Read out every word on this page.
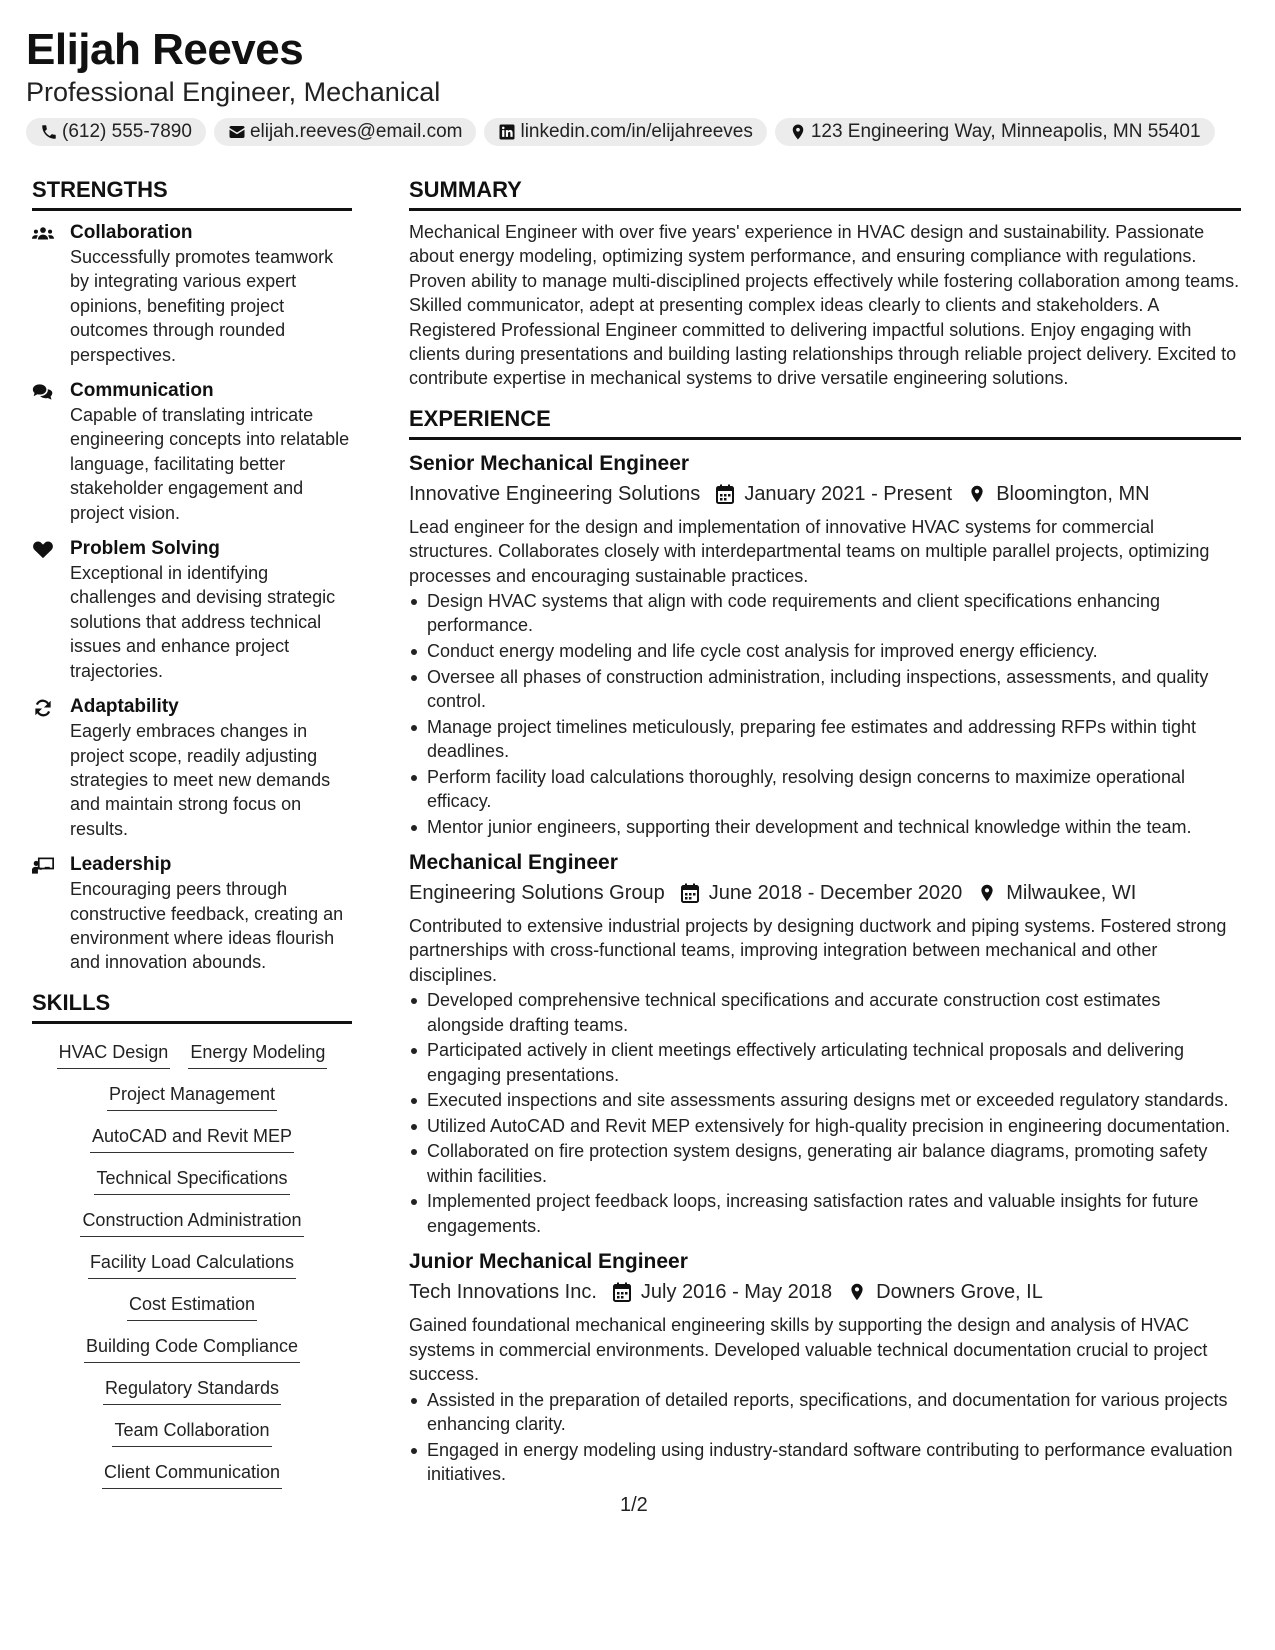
Elijah Reeves
Professional Engineer, Mechanical
(612) 555-7890	elijah.reeves@email.com	linkedin.com/in/elijahreeves	123 Engineering Way, Minneapolis, MN 55401
STRENGTHS
Collaboration
Successfully promotes teamwork by integrating various expert opinions, benefiting project outcomes through rounded perspectives.
Communication
Capable of translating intricate engineering concepts into relatable language, facilitating better stakeholder engagement and project vision.
Problem Solving
Exceptional in identifying challenges and devising strategic solutions that address technical issues and enhance project trajectories.
Adaptability
Eagerly embraces changes in project scope, readily adjusting strategies to meet new demands and maintain strong focus on results.
Leadership
Encouraging peers through constructive feedback, creating an environment where ideas flourish and innovation abounds.
SKILLS
HVAC Design Energy Modeling
Project Management
AutoCAD and Revit MEP
Technical Specifications
Construction Administration
Facility Load Calculations
Cost Estimation
Building Code Compliance
Regulatory Standards
Team Collaboration
Client Communication
SUMMARY
Mechanical Engineer with over five years' experience in HVAC design and sustainability. Passionate about energy modeling, optimizing system performance, and ensuring compliance with regulations. Proven ability to manage multi-disciplined projects effectively while fostering collaboration among teams. Skilled communicator, adept at presenting complex ideas clearly to clients and stakeholders. A Registered Professional Engineer committed to delivering impactful solutions. Enjoy engaging with clients during presentations and building lasting relationships through reliable project delivery. Excited to contribute expertise in mechanical systems to drive versatile engineering solutions.
EXPERIENCE
Senior Mechanical Engineer
Innovative Engineering Solutions January 2021 - Present Bloomington, MN
Lead engineer for the design and implementation of innovative HVAC systems for commercial structures. Collaborates closely with interdepartmental teams on multiple parallel projects, optimizing processes and encouraging sustainable practices.
Design HVAC systems that align with code requirements and client specifications enhancing performance.
Conduct energy modeling and life cycle cost analysis for improved energy efficiency.
Oversee all phases of construction administration, including inspections, assessments, and quality control.
Manage project timelines meticulously, preparing fee estimates and addressing RFPs within tight deadlines.
Perform facility load calculations thoroughly, resolving design concerns to maximize operational efficacy.
Mentor junior engineers, supporting their development and technical knowledge within the team.
Mechanical Engineer
Engineering Solutions Group June 2018 - December 2020 Milwaukee, WI
Contributed to extensive industrial projects by designing ductwork and piping systems. Fostered strong partnerships with cross-functional teams, improving integration between mechanical and other disciplines.
Developed comprehensive technical specifications and accurate construction cost estimates alongside drafting teams.
Participated actively in client meetings effectively articulating technical proposals and delivering engaging presentations.
Executed inspections and site assessments assuring designs met or exceeded regulatory standards.
Utilized AutoCAD and Revit MEP extensively for high-quality precision in engineering documentation.
Collaborated on fire protection system designs, generating air balance diagrams, promoting safety within facilities.
Implemented project feedback loops, increasing satisfaction rates and valuable insights for future engagements.
Junior Mechanical Engineer
Tech Innovations Inc. July 2016 - May 2018 Downers Grove, IL
Gained foundational mechanical engineering skills by supporting the design and analysis of HVAC systems in commercial environments. Developed valuable technical documentation crucial to project success.
Assisted in the preparation of detailed reports, specifications, and documentation for various projects enhancing clarity.
Engaged in energy modeling using industry-standard software contributing to performance evaluation initiatives.
1/2
